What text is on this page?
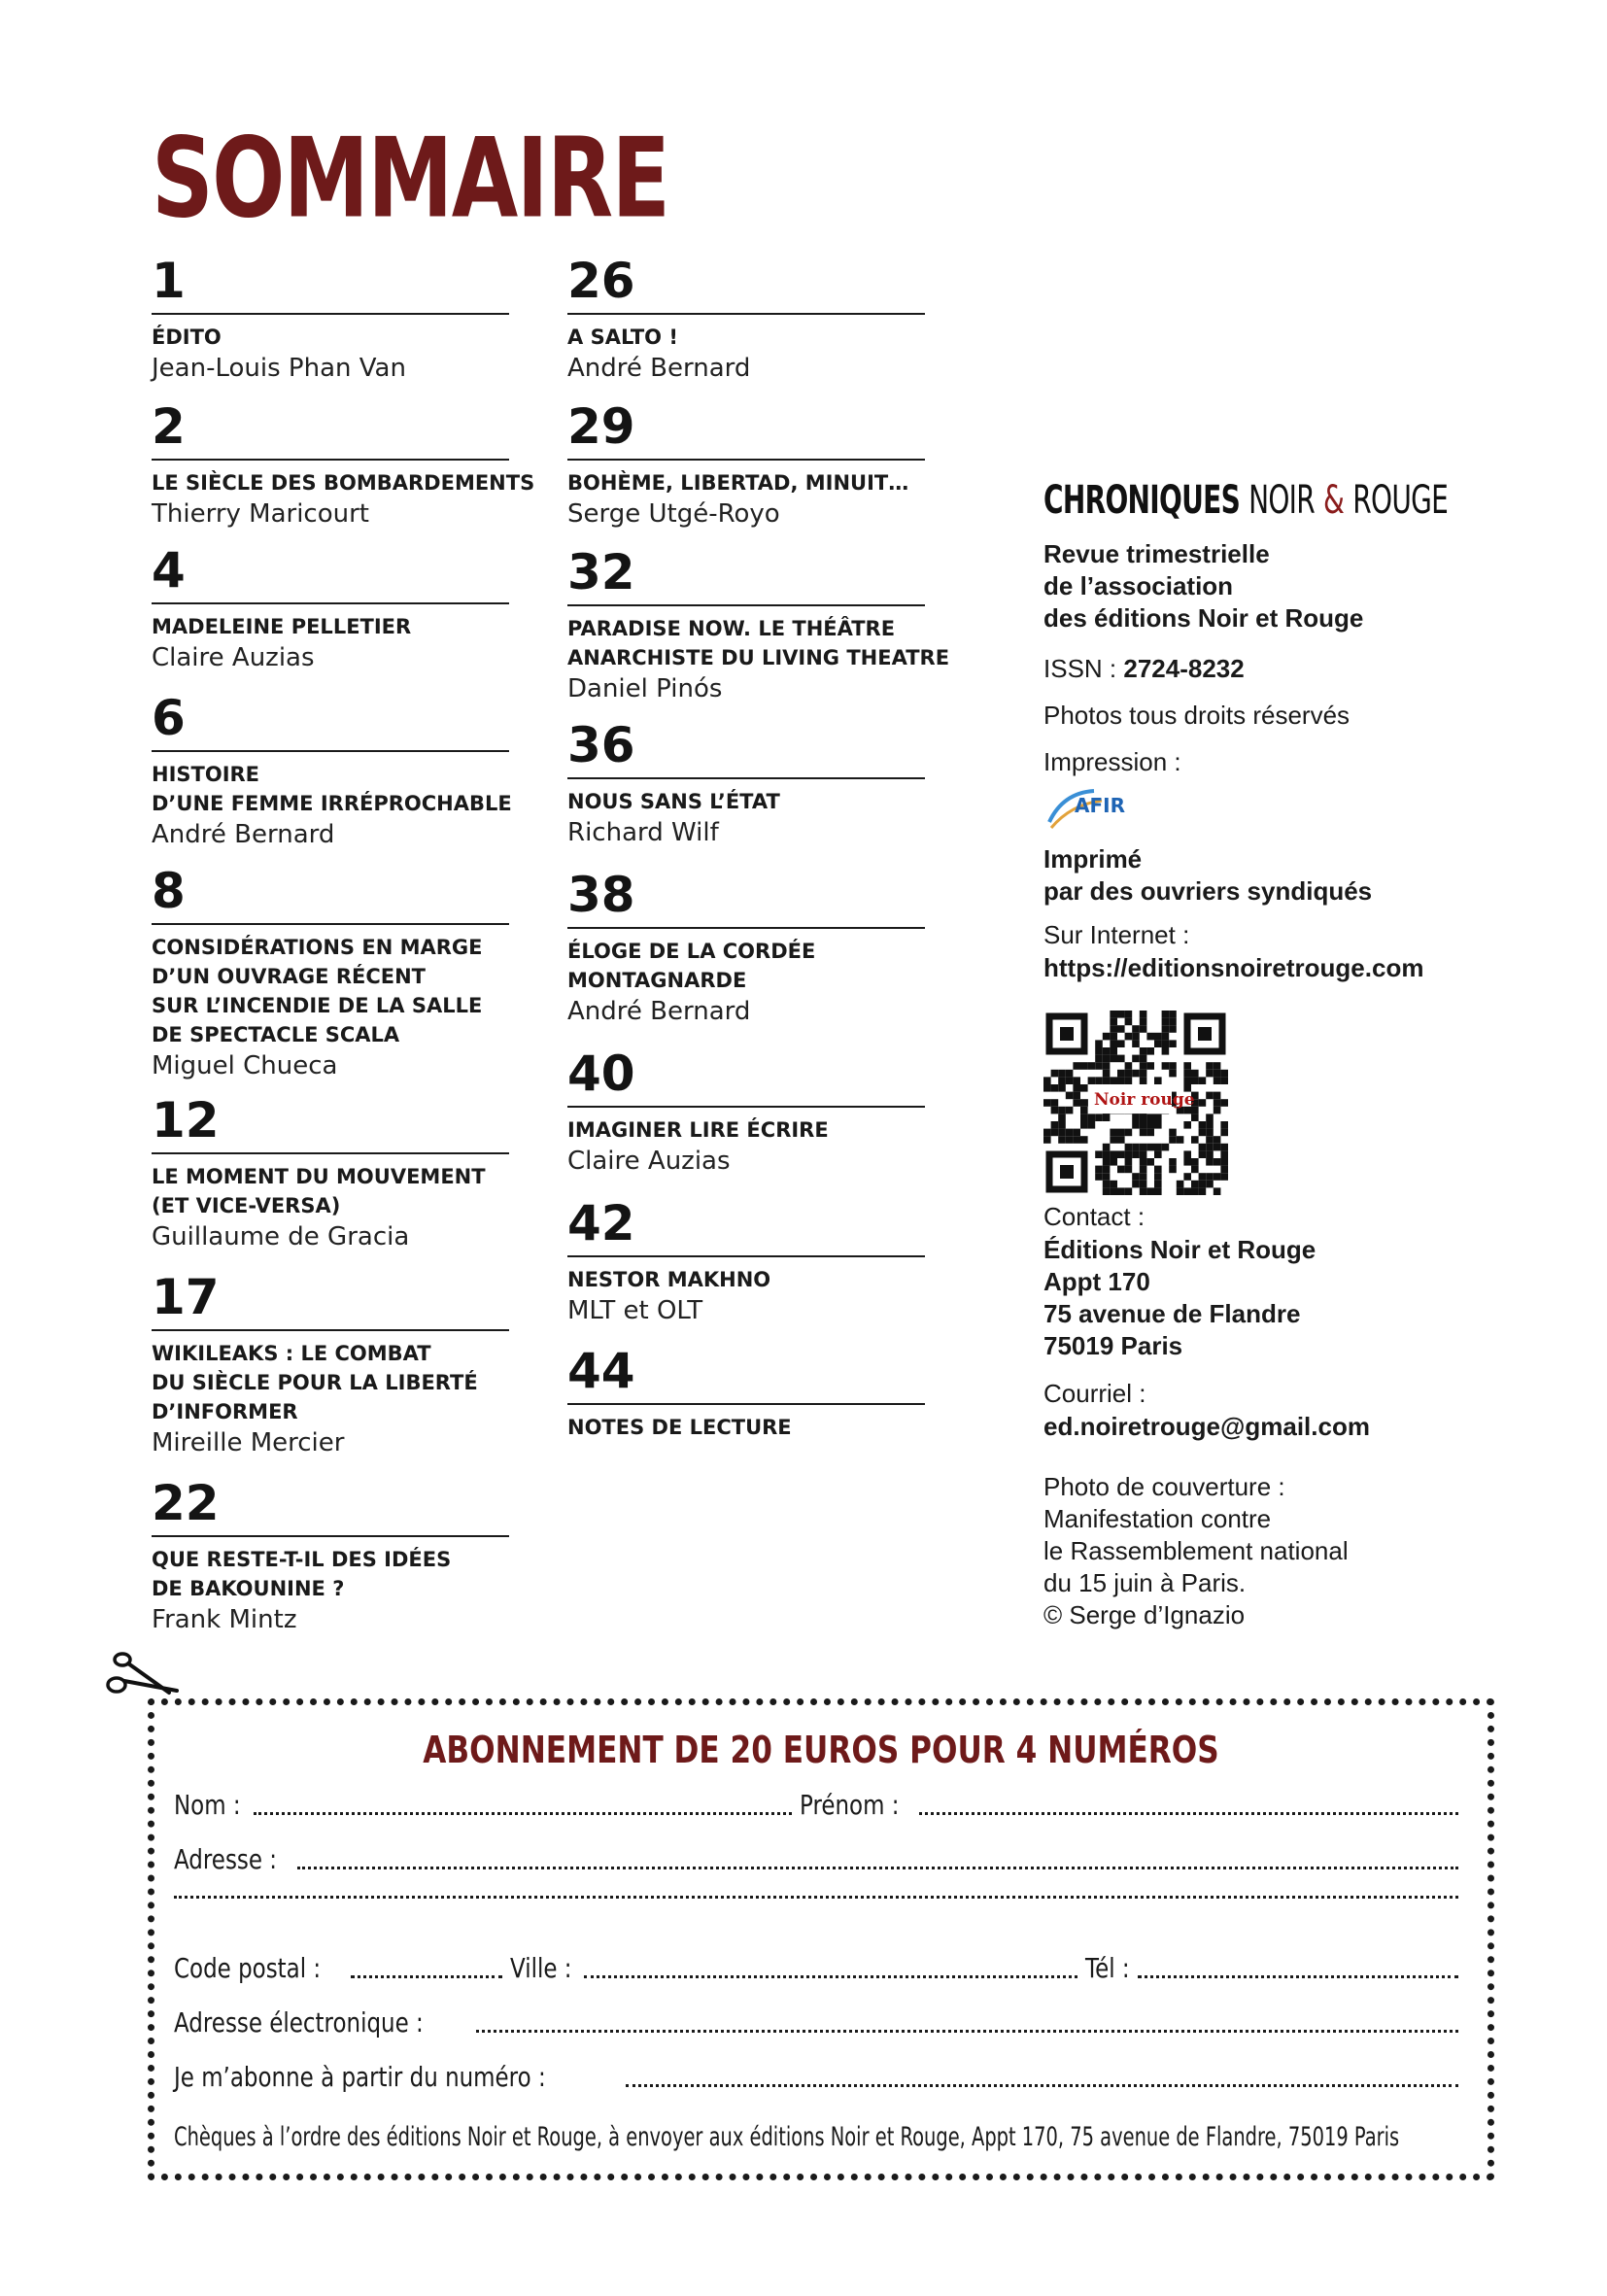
SOMMAIRE
1
ÉDITO
Jean-Louis Phan Van
2
LE SIÈCLE DES BOMBARDEMENTS
Thierry Maricourt
4
MADELEINE PELLETIER
Claire Auzias
6
HISTOIRE
D’UNE FEMME IRRÉPROCHABLE
André Bernard
8
CONSIDÉRATIONS EN MARGE
D’UN OUVRAGE RÉCENT
SUR L’INCENDIE DE LA SALLE
DE SPECTACLE SCALA
Miguel Chueca
12
LE MOMENT DU MOUVEMENT
(ET VICE-VERSA)
Guillaume de Gracia
17
WIKILEAKS : LE COMBAT
DU SIÈCLE POUR LA LIBERTÉ
D’INFORMER
Mireille Mercier
22
QUE RESTE-T-IL DES IDÉES
DE BAKOUNINE ?
Frank Mintz
26
A SALTO !
André Bernard
29
BOHÈME, LIBERTAD, MINUIT…
Serge Utgé-Royo
32
PARADISE NOW. LE THÉÂTRE
ANARCHISTE DU LIVING THEATRE
Daniel Pinós
36
NOUS SANS L’ÉTAT
Richard Wilf
38
ÉLOGE DE LA CORDÉE
MONTAGNARDE
André Bernard
40
IMAGINER LIRE ÉCRIRE
Claire Auzias
42
NESTOR MAKHNO
MLT et OLT
44
NOTES DE LECTURE
CHRONIQUES NOIR & ROUGE
Revue trimestrielle
de l’association
des éditions Noir et Rouge
ISSN : 2724-8232
Photos tous droits réservés
Impression :
AFIR
Imprimé
par des ouvriers syndiqués
Sur Internet :
https://editionsnoiretrouge.com
Noir rouge
Contact :
Éditions Noir et Rouge
Appt 170
75 avenue de Flandre
75019 Paris
Courriel :
ed.noiretrouge@gmail.com
Photo de couverture :
Manifestation contre
le Rassemblement national
du 15 juin à Paris.
© Serge d’Ignazio
ABONNEMENT DE 20 EUROS POUR 4 NUMÉROS
Nom :	Prénom :
Adresse :
Code postal :	Ville :	Tél :
Adresse électronique :
Je m’abonne à partir du numéro :
Chèques à l’ordre des éditions Noir et Rouge, à envoyer aux éditions Noir et Rouge, Appt 170, 75 avenue de Flandre, 75019 Paris
